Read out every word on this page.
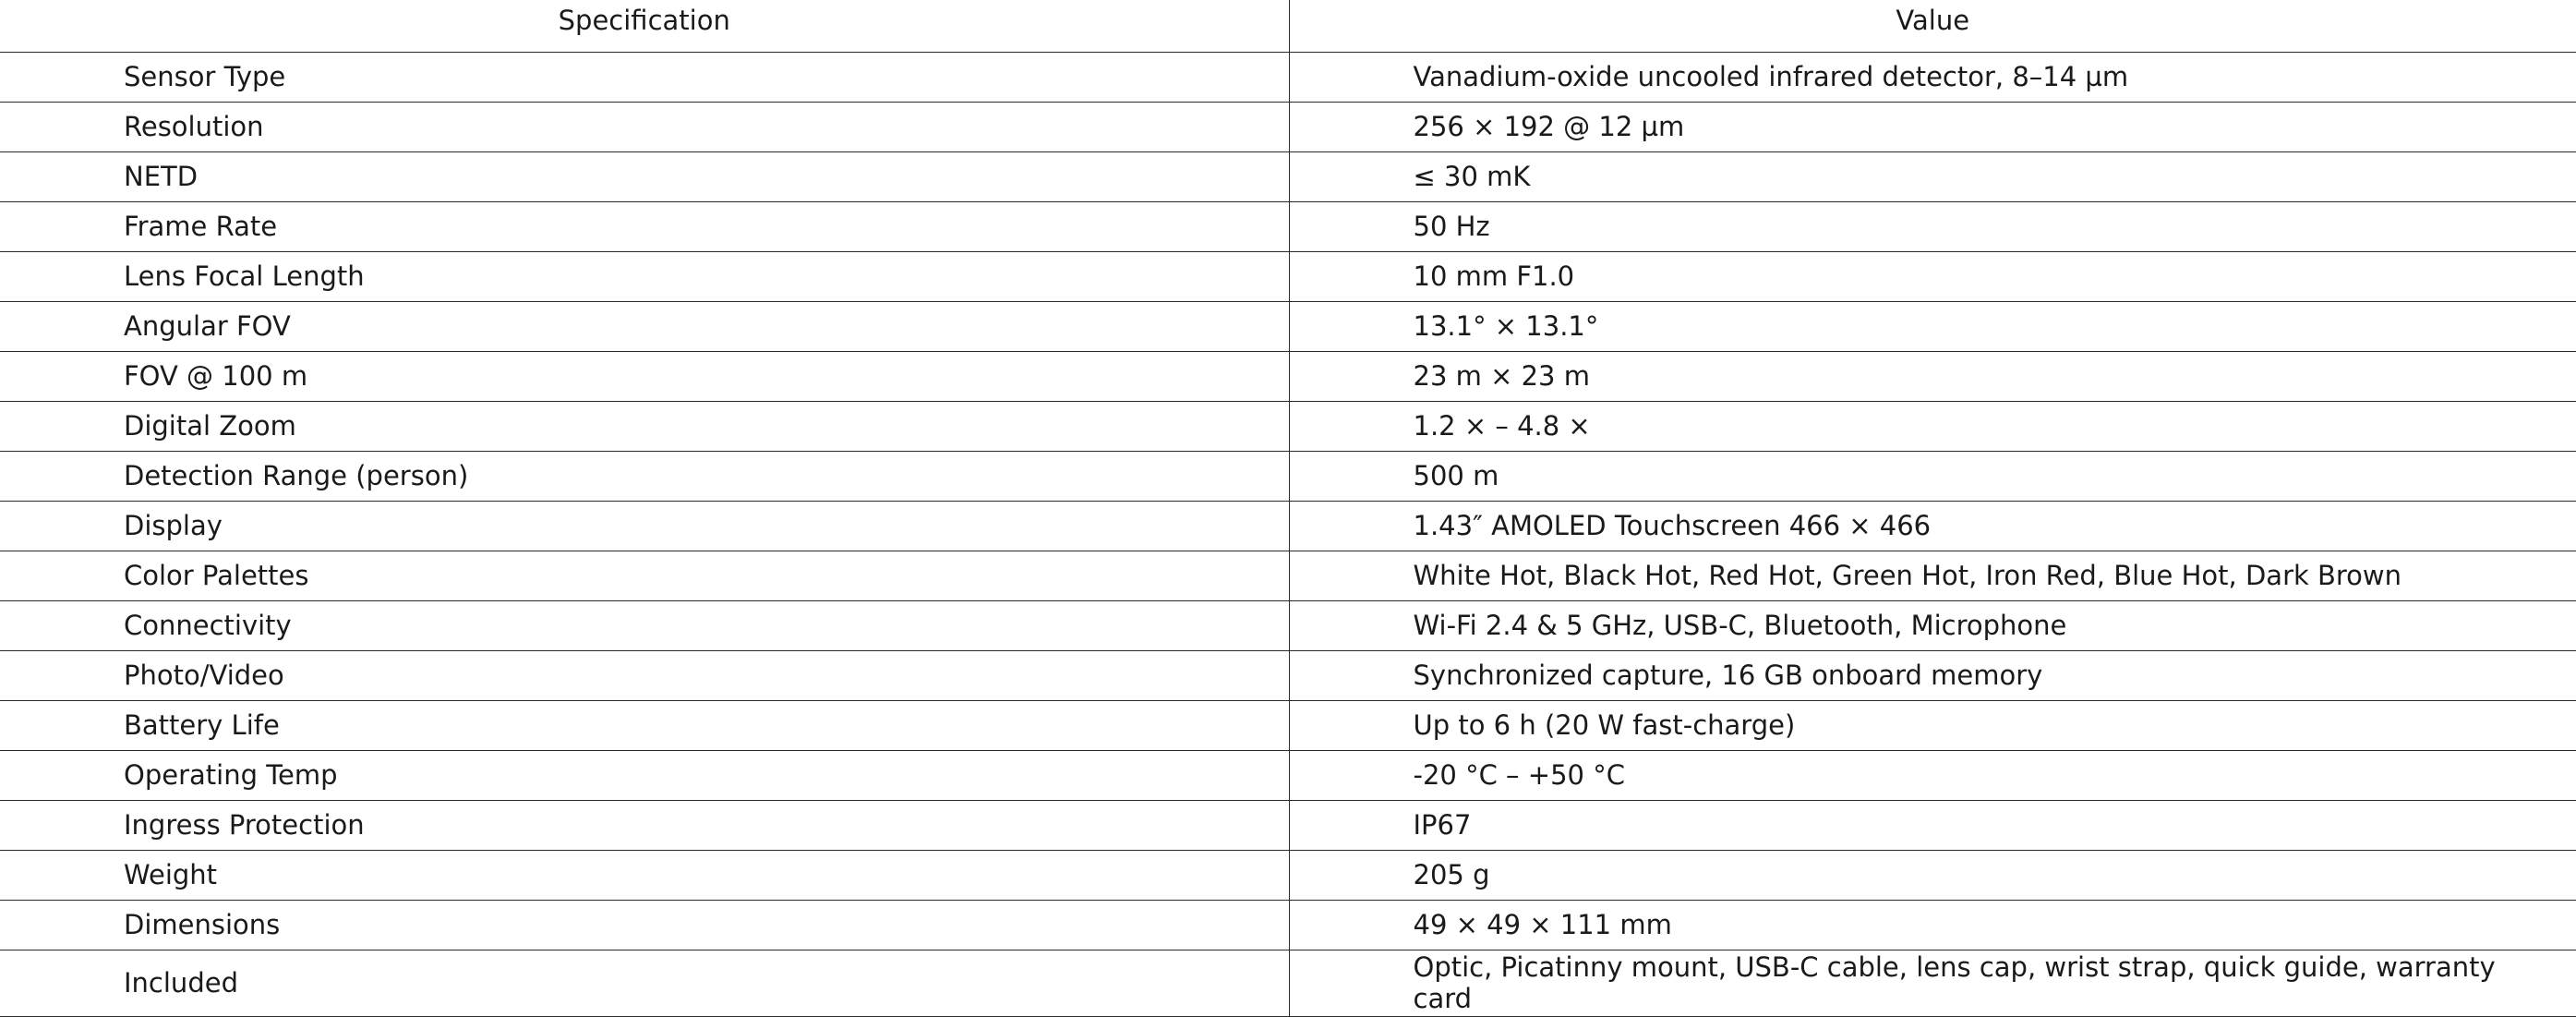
Specification	Value
Sensor Type	Vanadium-oxide uncooled infrared detector, 8–14 µm
Resolution	256 × 192 @ 12 µm
NETD	≤ 30 mK
Frame Rate	50 Hz
Lens Focal Length	10 mm F1.0
Angular FOV	13.1° × 13.1°
FOV @ 100 m	23 m × 23 m
Digital Zoom	1.2 × – 4.8 ×
Detection Range (person)	500 m
Display	1.43″ AMOLED Touchscreen 466 × 466
Color Palettes	White Hot, Black Hot, Red Hot, Green Hot, Iron Red, Blue Hot, Dark Brown
Connectivity	Wi-Fi 2.4 & 5 GHz, USB-C, Bluetooth, Microphone
Photo/Video	Synchronized capture, 16 GB onboard memory
Battery Life	Up to 6 h (20 W fast-charge)
Operating Temp	-20 °C – +50 °C
Ingress Protection	IP67
Weight	205 g
Dimensions	49 × 49 × 111 mm
Included	Optic, Picatinny mount, USB-C cable, lens cap, wrist strap, quick guide, warranty card
